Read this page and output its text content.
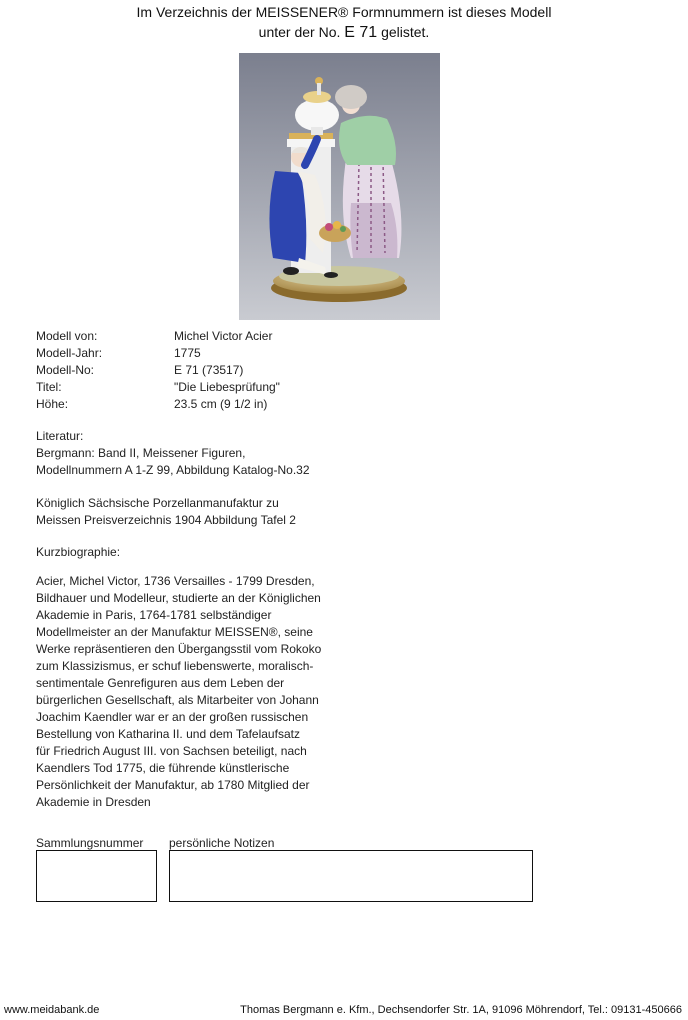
Im Verzeichnis der MEISSENER® Formnummern ist dieses Modell
unter der No. E 71 gelistet.
Modell von:	Michel Victor Acier
Modell-Jahr:	1775
Modell-No:	E 71 (73517)
Titel:	"Die Liebesprüfung"
Höhe:	23.5 cm (9 1/2 in)
Literatur:
Bergmann: Band II, Meissener Figuren,
Modellnummern A 1-Z 99, Abbildung Katalog-No.32
Königlich Sächsische Porzellanmanufaktur zu
Meissen Preisverzeichnis 1904 Abbildung Tafel 2
Kurzbiographie:
Acier, Michel Victor, 1736 Versailles - 1799 Dresden,
Bildhauer und Modelleur, studierte an der Königlichen
Akademie in Paris, 1764-1781 selbständiger
Modellmeister an der Manufaktur MEISSEN®, seine
Werke repräsentieren den Übergangsstil vom Rokoko
zum Klassizismus, er schuf liebenswerte, moralisch-
sentimentale Genrefiguren aus dem Leben der
bürgerlichen Gesellschaft, als Mitarbeiter von Johann
Joachim Kaendler war er an der großen russischen
Bestellung von Katharina II. und dem Tafelaufsatz
für Friedrich August III. von Sachsen beteiligt, nach
Kaendlers Tod 1775, die führende künstlerische
Persönlichkeit der Manufaktur, ab 1780 Mitglied der
Akademie in Dresden
Sammlungsnummer persönliche Notizen
www.meidabank.de	Thomas Bergmann e. Kfm., Dechsendorfer Str. 1A, 91096 Möhrendorf, Tel.: 09131-450666
